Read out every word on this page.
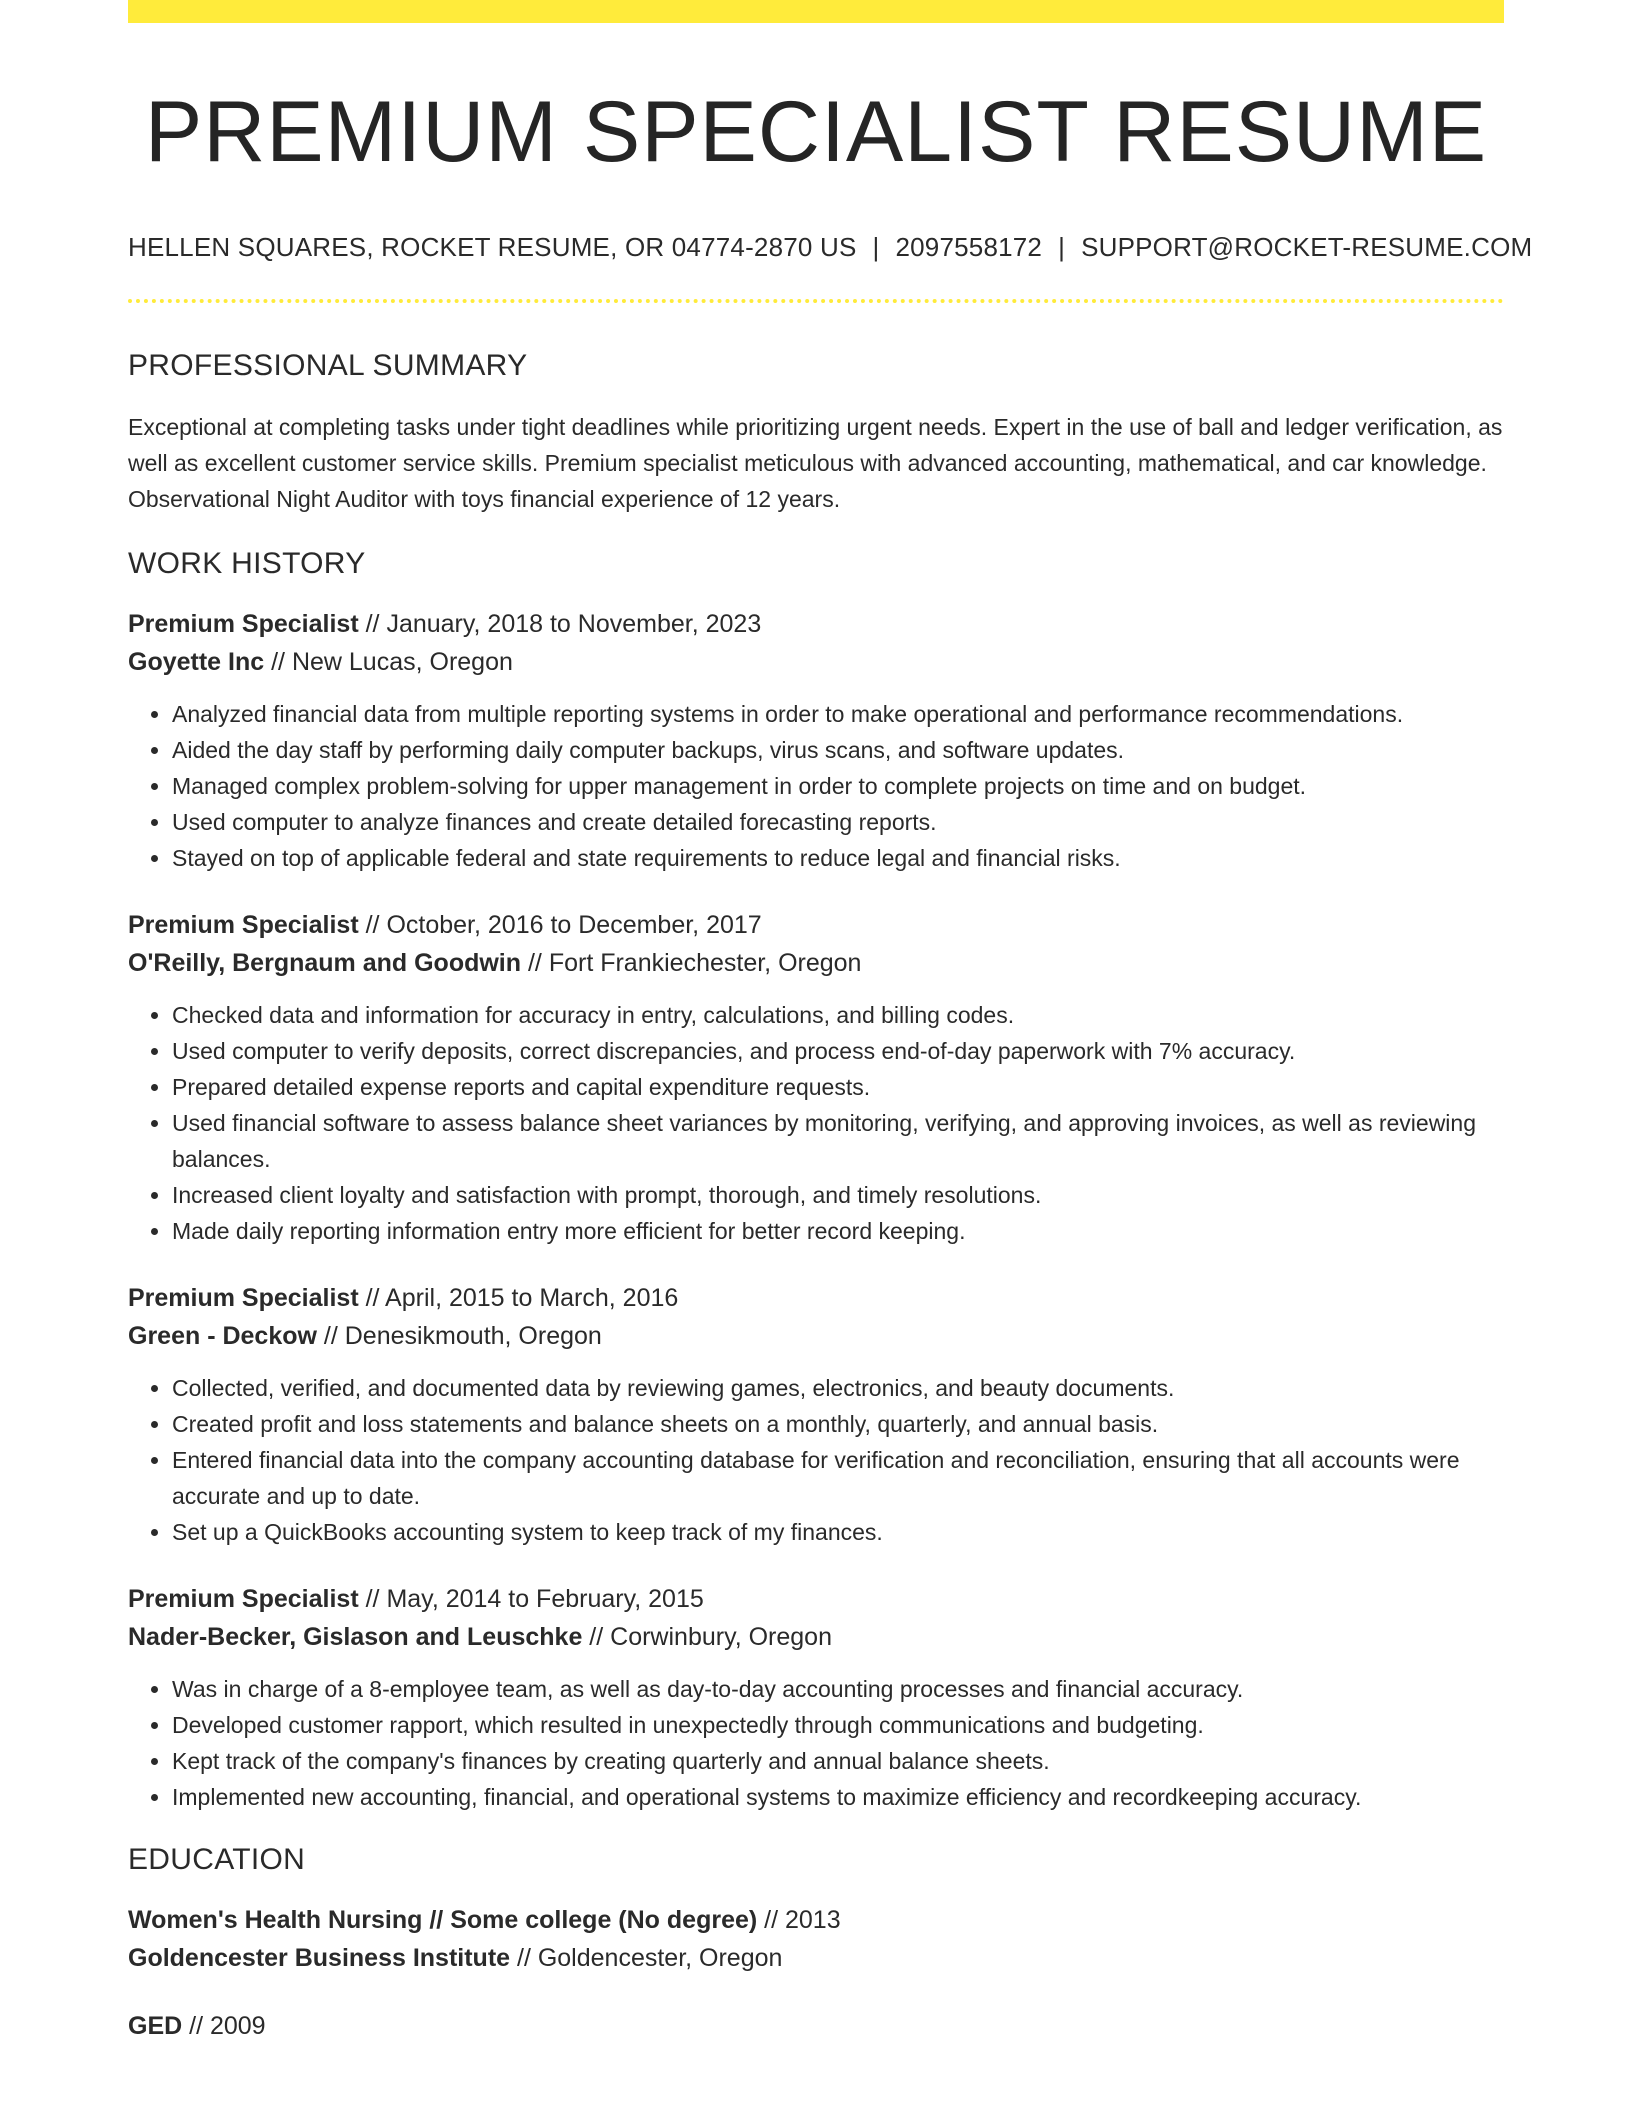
PREMIUM SPECIALIST RESUME
HELLEN SQUARES, ROCKET RESUME, OR 04774-2870 US | 2097558172 | SUPPORT@ROCKET-RESUME.COM
PROFESSIONAL SUMMARY

Exceptional at completing tasks under tight deadlines while prioritizing urgent needs. Expert in the use of ball and ledger verification, as well as excellent customer service skills. Premium specialist meticulous with advanced accounting, mathematical, and car knowledge. Observational Night Auditor with toys financial experience of 12 years.

WORK HISTORY
Premium Specialist // January, 2018 to November, 2023
Goyette Inc // New Lucas, Oregon
• Analyzed financial data from multiple reporting systems in order to make operational and performance recommendations.
• Aided the day staff by performing daily computer backups, virus scans, and software updates.
• Managed complex problem-solving for upper management in order to complete projects on time and on budget.
• Used computer to analyze finances and create detailed forecasting reports.
• Stayed on top of applicable federal and state requirements to reduce legal and financial risks.
Premium Specialist // October, 2016 to December, 2017
O'Reilly, Bergnaum and Goodwin // Fort Frankiechester, Oregon
• Checked data and information for accuracy in entry, calculations, and billing codes.
• Used computer to verify deposits, correct discrepancies, and process end-of-day paperwork with 7% accuracy.
• Prepared detailed expense reports and capital expenditure requests.
• Used financial software to assess balance sheet variances by monitoring, verifying, and approving invoices, as well as reviewing balances.
• Increased client loyalty and satisfaction with prompt, thorough, and timely resolutions.
• Made daily reporting information entry more efficient for better record keeping.
Premium Specialist // April, 2015 to March, 2016
Green - Deckow // Denesikmouth, Oregon
• Collected, verified, and documented data by reviewing games, electronics, and beauty documents.
• Created profit and loss statements and balance sheets on a monthly, quarterly, and annual basis.
• Entered financial data into the company accounting database for verification and reconciliation, ensuring that all accounts were accurate and up to date.
• Set up a QuickBooks accounting system to keep track of my finances.
Premium Specialist // May, 2014 to February, 2015
Nader-Becker, Gislason and Leuschke // Corwinbury, Oregon
• Was in charge of a 8-employee team, as well as day-to-day accounting processes and financial accuracy.
• Developed customer rapport, which resulted in unexpectedly through communications and budgeting.
• Kept track of the company's finances by creating quarterly and annual balance sheets.
• Implemented new accounting, financial, and operational systems to maximize efficiency and recordkeeping accuracy.
EDUCATION
Women's Health Nursing // Some college (No degree) // 2013
Goldencester Business Institute // Goldencester, Oregon
GED // 2009
